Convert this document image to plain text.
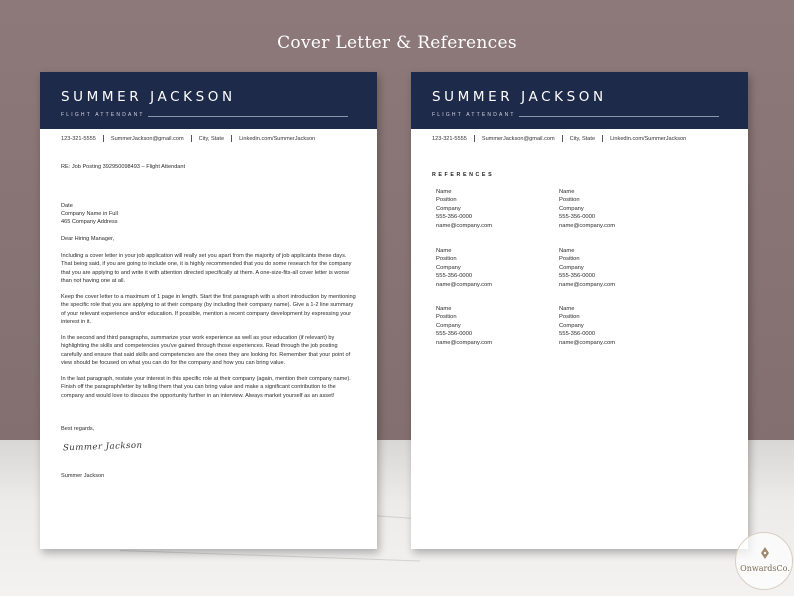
Cover Letter & References
SUMMER JACKSON
FLIGHT ATTENDANT
123-321-5555	SummerJackson@gmail.com	City, State	Linkedin.com/SummerJackson
RE: Job Posting 392950098493 – Flight Attendant
Date
Company Name in Full
465 Company Address
Dear Hiring Manager,
Including a cover letter in your job application will really set you apart from the majority of job applicants these days. That being said, if you are going to include one, it is highly recommended that you do some research for the company that you are applying to and write it with attention directed specifically at them. A one-size-fits-all cover letter is worse than not having one at all.
Keep the cover letter to a maximum of 1 page in length. Start the first paragraph with a short introduction by mentioning the specific role that you are applying to at their company (by including their company name). Give a 1-2 line summary of your relevant experience and/or education. If possible, mention a recent company development by expressing your interest in it.
In the second and third paragraphs, summarize your work experience as well as your education (if relevant) by highlighting the skills and competencies you've gained through those experiences. Read through the job posting carefully and ensure that said skills and competencies are the ones they are looking for. Remember that your point of view should be focused on what you can do for the company and how you can bring value.
In the last paragraph, restate your interest in this specific role at their company (again, mention their company name). Finish off the paragraph/letter by telling them that you can bring value and make a significant contribution to the company and would love to discuss the opportunity further in an interview. Always market yourself as an asset!
Best regards,
Summer Jackson
Summer Jackson
SUMMER JACKSON
FLIGHT ATTENDANT
123-321-5555	SummerJackson@gmail.com	City, State	Linkedin.com/SummerJackson
REFERENCES
Name
Position
Company
555-356-0000
name@company.com
Name
Position
Company
555-356-0000
name@company.com
Name
Position
Company
555-356-0000
name@company.com
Name
Position
Company
555-356-0000
name@company.com
Name
Position
Company
555-356-0000
name@company.com
Name
Position
Company
555-356-0000
name@company.com
OnwardsCo.
